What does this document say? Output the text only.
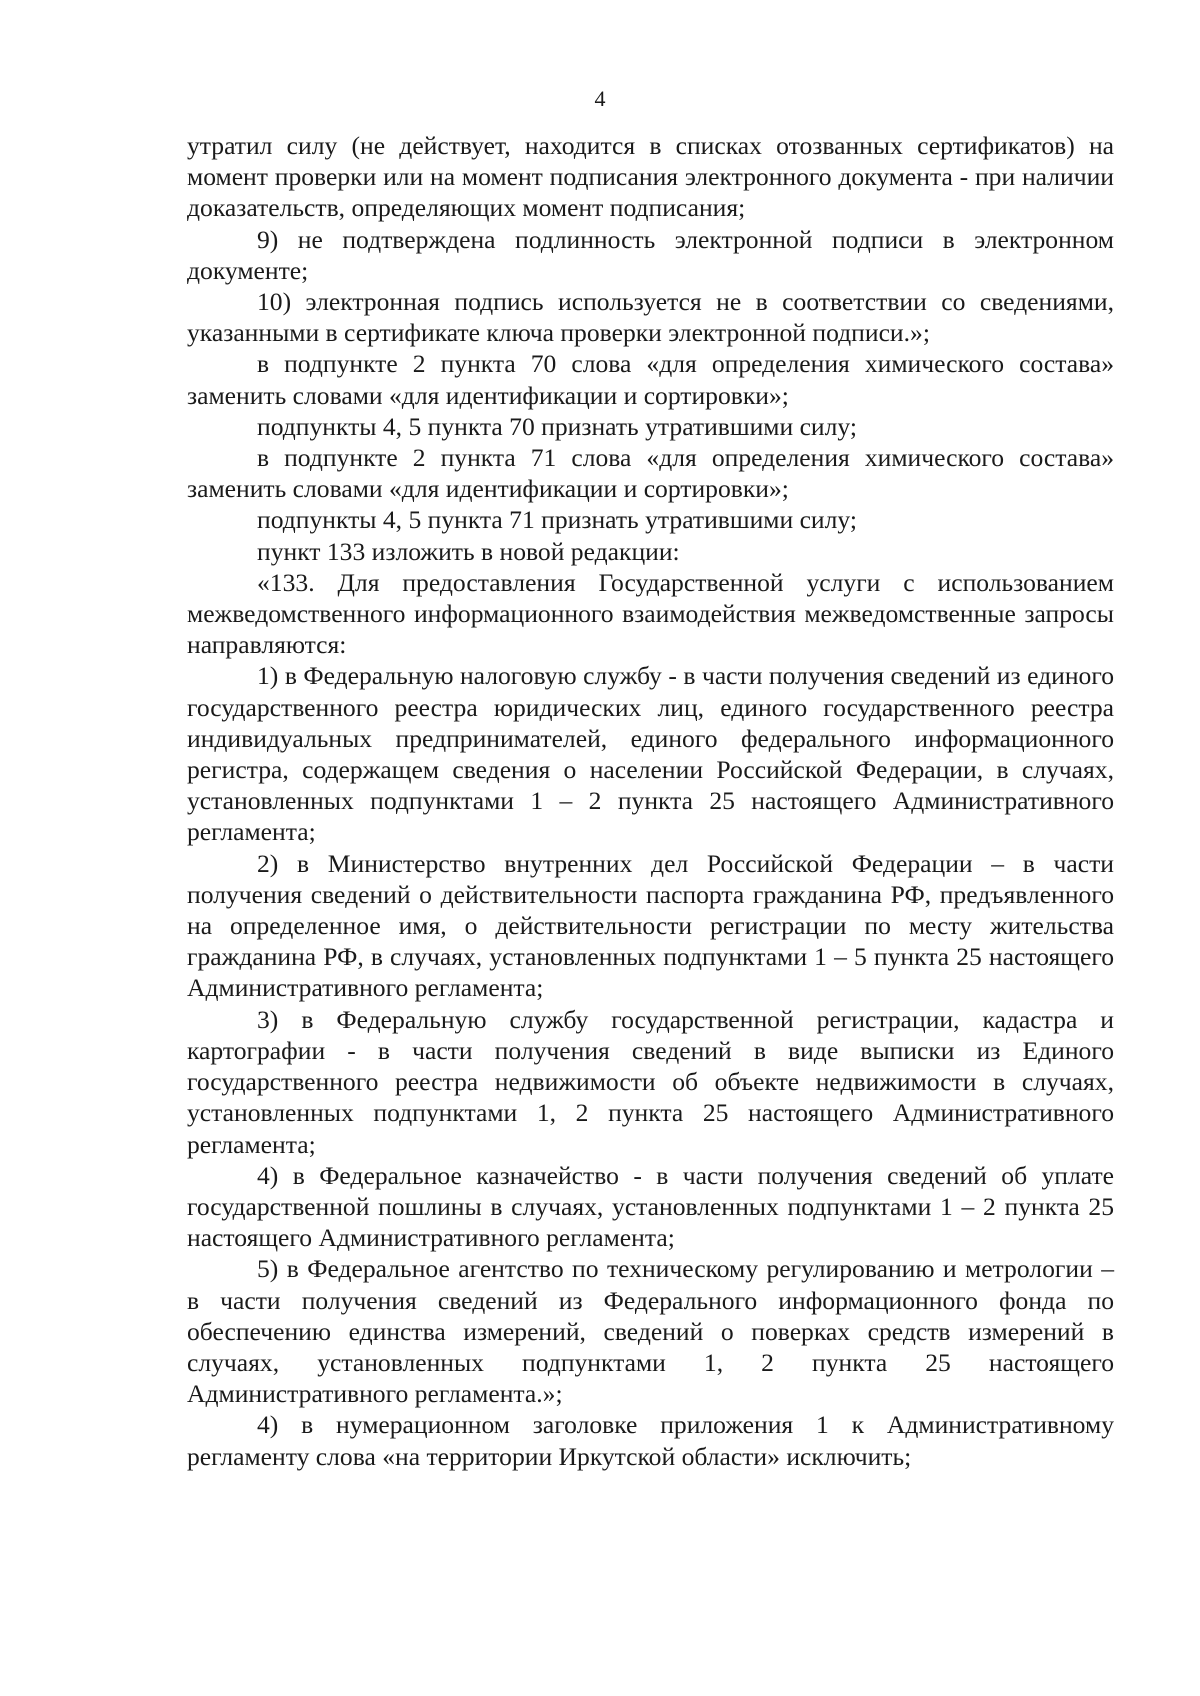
4

утратил силу (не действует, находится в списках отозванных сертификатов) на момент проверки или на момент подписания электронного документа - при наличии доказательств, определяющих момент подписания;

9) не подтверждена подлинность электронной подписи в электронном документе;

10) электронная подпись используется не в соответствии со сведениями, указанными в сертификате ключа проверки электронной подписи.»;

в подпункте 2 пункта 70 слова «для определения химического состава» заменить словами «для идентификации и сортировки»;

подпункты 4, 5 пункта 70 признать утратившими силу;

в подпункте 2 пункта 71 слова «для определения химического состава» заменить словами «для идентификации и сортировки»;

подпункты 4, 5 пункта 71 признать утратившими силу;

пункт 133 изложить в новой редакции:

«133. Для предоставления Государственной услуги с использованием межведомственного информационного взаимодействия межведомственные запросы направляются:

1) в Федеральную налоговую службу - в части получения сведений из единого государственного реестра юридических лиц, единого государственного реестра индивидуальных предпринимателей, единого федерального информационного регистра, содержащем сведения о населении Российской Федерации, в случаях, установленных подпунктами 1 – 2 пункта 25 настоящего Административного регламента;

2) в Министерство внутренних дел Российской Федерации – в части получения сведений о действительности паспорта гражданина РФ, предъявленного на определенное имя, о действительности регистрации по месту жительства гражданина РФ, в случаях, установленных подпунктами 1 – 5 пункта 25 настоящего Административного регламента;

3) в Федеральную службу государственной регистрации, кадастра и картографии - в части получения сведений в виде выписки из Единого государственного реестра недвижимости об объекте недвижимости в случаях, установленных подпунктами 1, 2 пункта 25 настоящего Административного регламента;

4) в Федеральное казначейство - в части получения сведений об уплате государственной пошлины в случаях, установленных подпунктами 1 – 2 пункта 25 настоящего Административного регламента;

5) в Федеральное агентство по техническому регулированию и метрологии – в части получения сведений из Федерального информационного фонда по обеспечению единства измерений, сведений о поверках средств измерений в случаях, установленных подпунктами 1, 2 пункта 25 настоящего Административного регламента.»;

4) в нумерационном заголовке приложения 1 к Административному регламенту слова «на территории Иркутской области» исключить;
